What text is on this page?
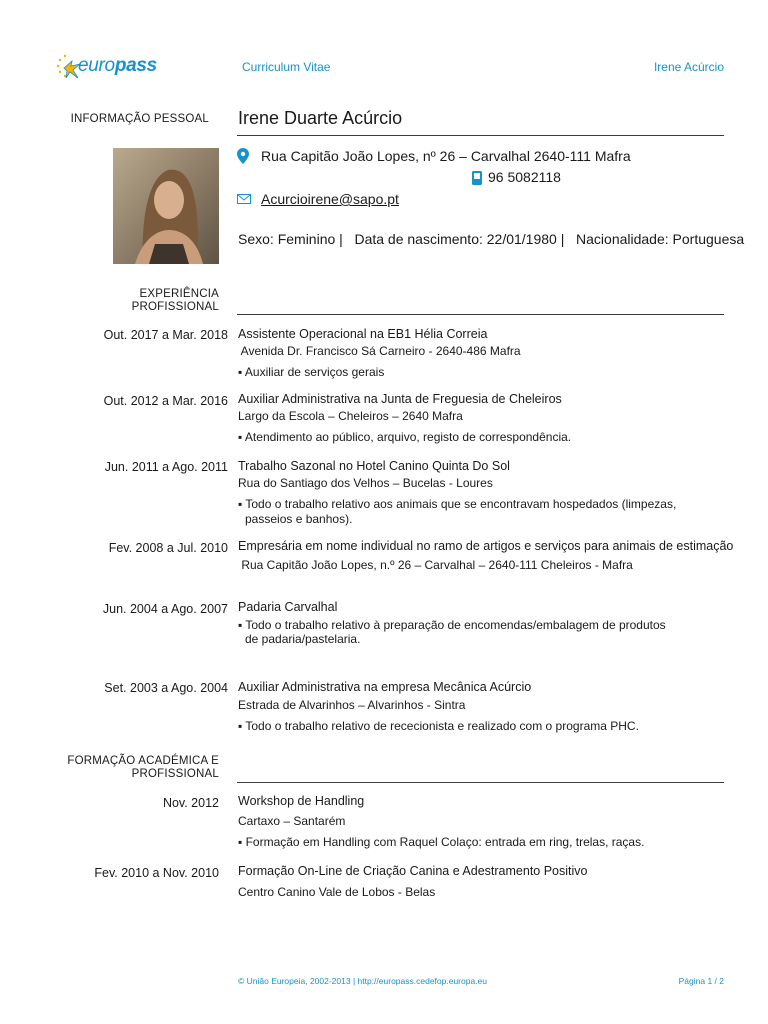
europass	Curriculum Vitae	Irene Acúrcio
INFORMAÇÃO PESSOAL Irene Duarte Acúrcio
Rua Capitão João Lopes, nº 26 – Carvalhal 2640-111 Mafra
96 5082118
Acurcioirene@sapo.pt
Sexo: Feminino |   Data de nascimento: 22/01/1980 |   Nacionalidade: Portuguesa
EXPERIÊNCIA
PROFISSIONAL
Out. 2017 a Mar. 2018 Assistente Operacional na EB1 Hélia Correia
Avenida Dr. Francisco Sá Carneiro - 2640-486 Mafra
▪ Auxiliar de serviços gerais
Out. 2012 a Mar. 2016 Auxiliar Administrativa na Junta de Freguesia de Cheleiros
Largo da Escola – Cheleiros – 2640 Mafra
▪ Atendimento ao público, arquivo, registo de correspondência.
Jun. 2011 a Ago. 2011 Trabalho Sazonal no Hotel Canino Quinta Do Sol
Rua do Santiago dos Velhos – Bucelas - Loures
▪ Todo o trabalho relativo aos animais que se encontravam hospedados (limpezas,
passeios e banhos).
Fev. 2008 a Jul. 2010 Empresária em nome individual no ramo de artigos e serviços para animais de estimação
Rua Capitão João Lopes, n.º 26 – Carvalhal – 2640-111 Cheleiros - Mafra
Jun. 2004 a Ago. 2007 Padaria Carvalhal
▪ Todo o trabalho relativo à preparação de encomendas/embalagem de produtos
de padaria/pastelaria.
Set. 2003 a Ago. 2004 Auxiliar Administrativa na empresa Mecânica Acúrcio
Estrada de Alvarinhos – Alvarinhos - Sintra
▪ Todo o trabalho relativo de rececionista e realizado com o programa PHC.
FORMAÇÃO ACADÉMICA E
PROFISSIONAL
Nov. 2012 Workshop de Handling
Cartaxo – Santarém
▪ Formação em Handling com Raquel Colaço: entrada em ring, trelas, raças.
Fev. 2010 a Nov. 2010 Formação On-Line de Criação Canina e Adestramento Positivo
Centro Canino Vale de Lobos - Belas
© União Europeia, 2002-2013 | http://europass.cedefop.europa.eu	Página 1 / 2
